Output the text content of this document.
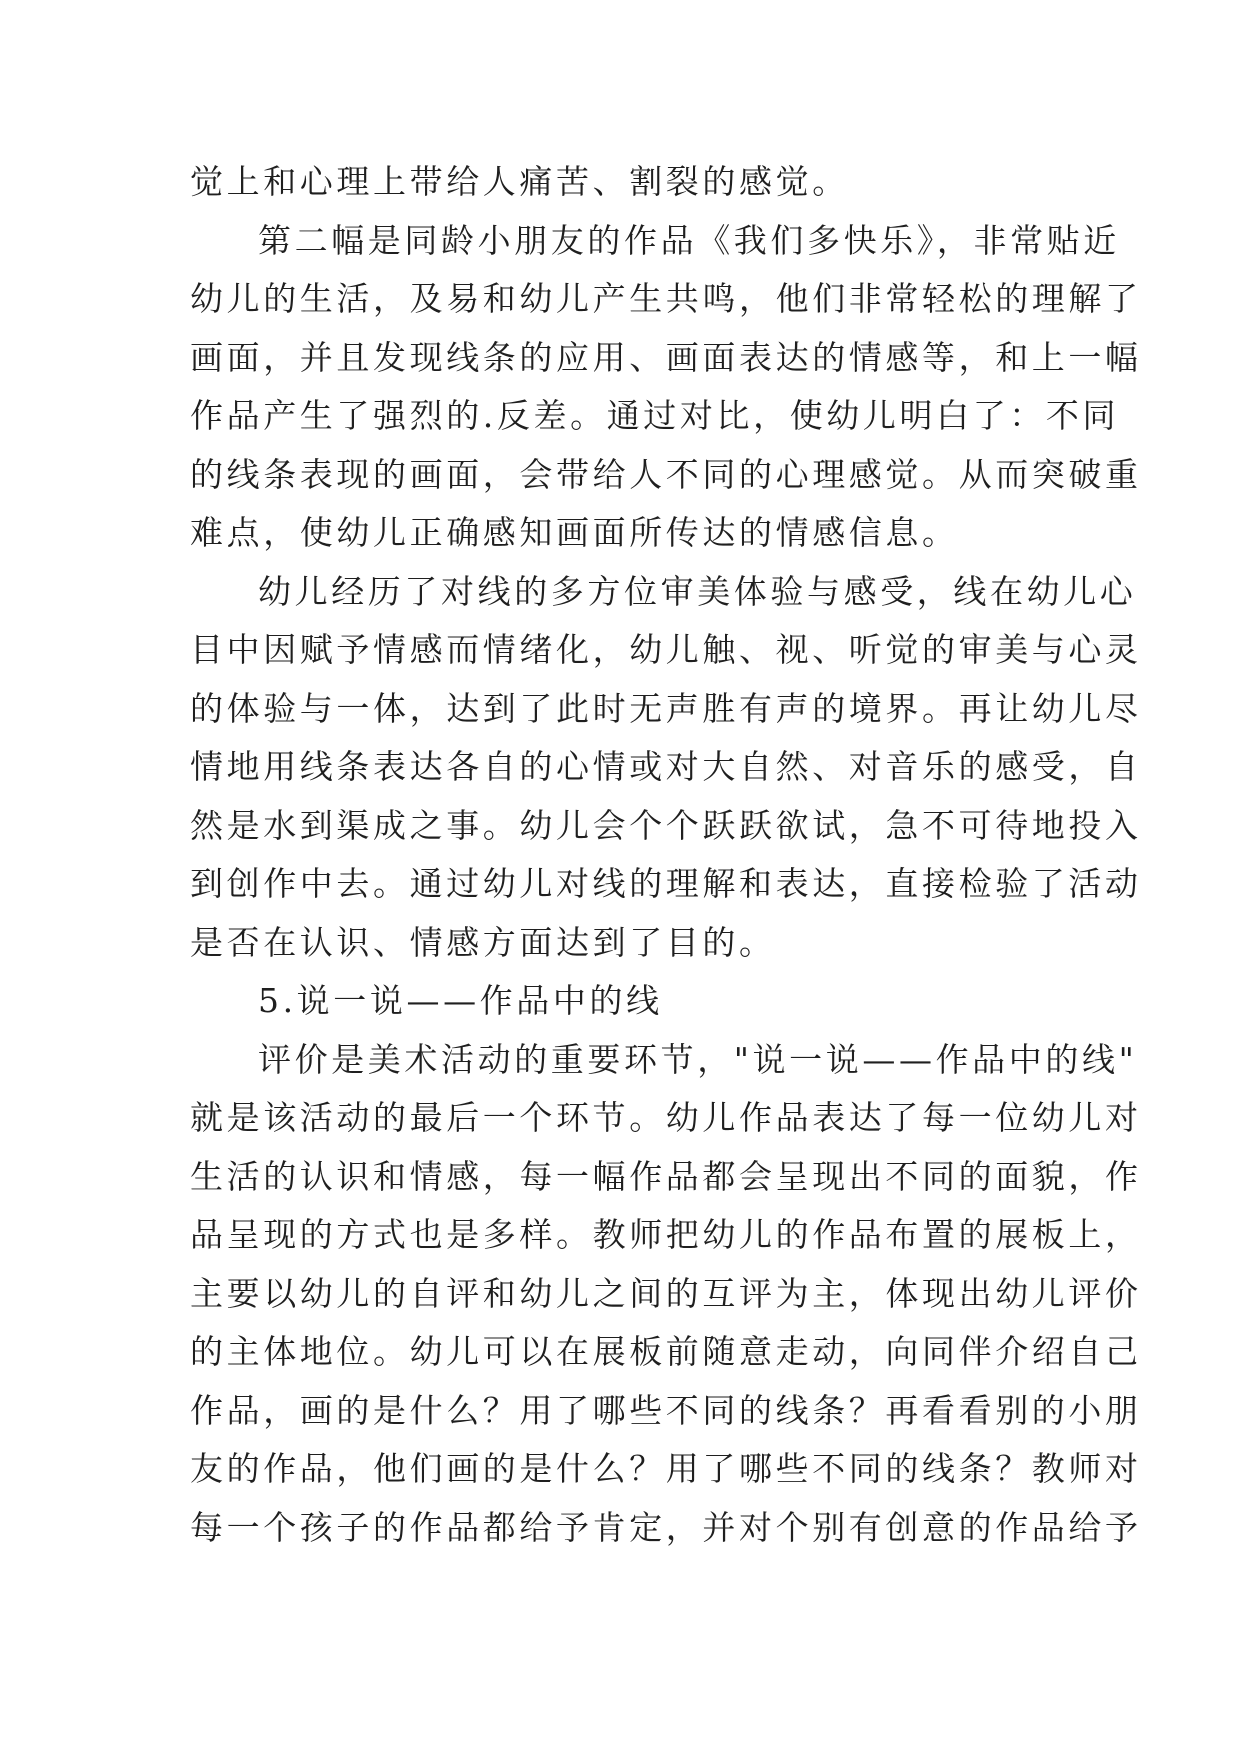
觉上和心理上带给人痛苦、割裂的感觉。
第二幅是同龄小朋友的作品《我们多快乐》，非常贴近
幼儿的生活，及易和幼儿产生共鸣，他们非常轻松的理解了
画面，并且发现线条的应用、画面表达的情感等，和上一幅
作品产生了强烈的.反差。通过对比，使幼儿明白了：不同
的线条表现的画面，会带给人不同的心理感觉。从而突破重
难点，使幼儿正确感知画面所传达的情感信息。
幼儿经历了对线的多方位审美体验与感受，线在幼儿心
目中因赋予情感而情绪化，幼儿触、视、听觉的审美与心灵
的体验与一体，达到了此时无声胜有声的境界。再让幼儿尽
情地用线条表达各自的心情或对大自然、对音乐的感受，自
然是水到渠成之事。幼儿会个个跃跃欲试，急不可待地投入
到创作中去。通过幼儿对线的理解和表达，直接检验了活动
是否在认识、情感方面达到了目的。
5.说一说——作品中的线
评价是美术活动的重要环节，"说一说——作品中的线"
就是该活动的最后一个环节。幼儿作品表达了每一位幼儿对
生活的认识和情感，每一幅作品都会呈现出不同的面貌，作
品呈现的方式也是多样。教师把幼儿的作品布置的展板上，
主要以幼儿的自评和幼儿之间的互评为主，体现出幼儿评价
的主体地位。幼儿可以在展板前随意走动，向同伴介绍自己
作品，画的是什么？用了哪些不同的线条？再看看别的小朋
友的作品，他们画的是什么？用了哪些不同的线条？教师对
每一个孩子的作品都给予肯定，并对个别有创意的作品给予
